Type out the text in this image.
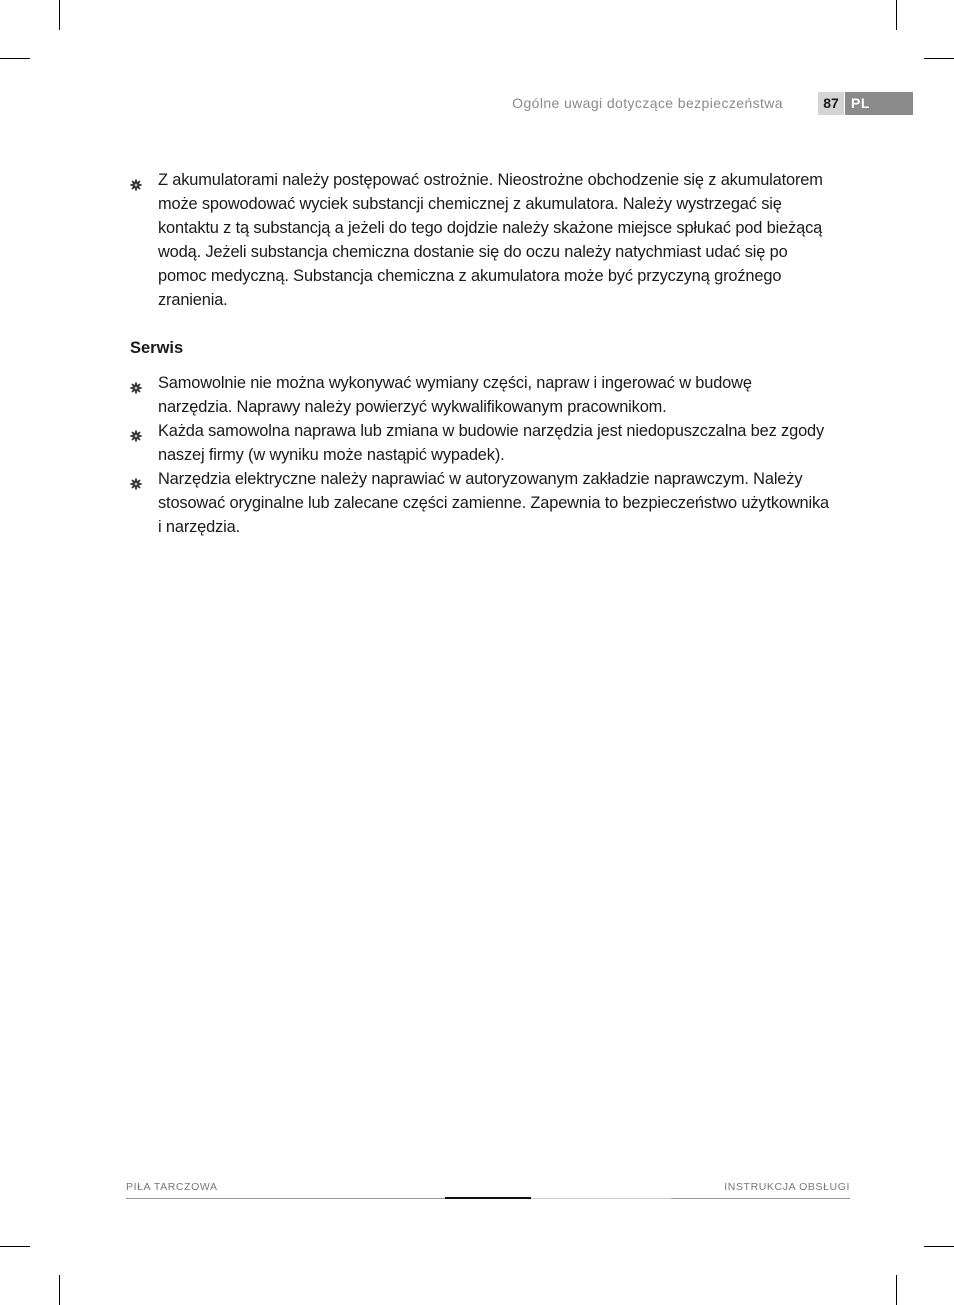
Ogólne uwagi dotyczące bezpieczeństwa	87 PL
Z akumulatorami należy postępować ostrożnie. Nieostrożne obchodzenie się z akumulatorem może spowodować wyciek substancji chemicznej z akumulatora. Należy wystrzegać się kontaktu z tą substancją a jeżeli do tego dojdzie należy skażone miejsce spłukać pod bieżącą wodą. Jeżeli substancja chemiczna dostanie się do oczu należy natychmiast udać się po pomoc medyczną. Substancja chemiczna z akumulatora może być przyczyną groźnego zranienia.
Serwis
Samowolnie nie można wykonywać wymiany części, napraw i ingerować w budowę narzędzia. Naprawy należy powierzyć wykwalifikowanym pracownikom.
Każda samowolna naprawa lub zmiana w budowie narzędzia jest niedopuszczalna bez zgody naszej firmy (w wyniku może nastąpić wypadek).
Narzędzia elektryczne należy naprawiać w autoryzowanym zakładzie naprawczym. Należy stosować oryginalne lub zalecane części zamienne. Zapewnia to bezpieczeństwo użytkownika i narzędzia.
PIŁA TARCZOWA	INSTRUKCJA OBSŁUGI
